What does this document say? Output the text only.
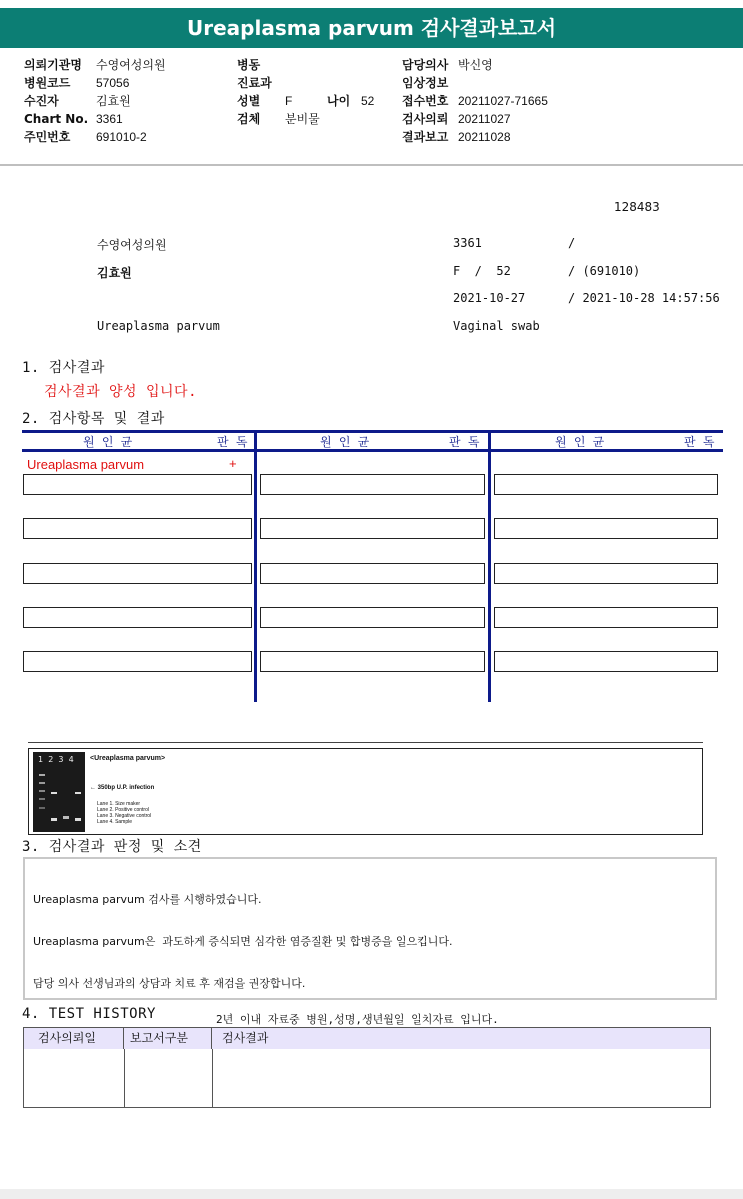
Ureaplasma parvum 검사결과보고서
의뢰기관명 수영여성의원
병원코드 57056
수진자	김효원
Chart No. 3361
주민번호 691010-2
병동
진료과
성별 F	나이 52
검체 분비물
담당의사 박신영
임상정보
접수번호 20211027-71665
검사의뢰 20211027
결과보고 20211028
128483
수영여성의원	3361	/
김효원	F  /  52	/ (691010)
2021-10-27	/ 2021-10-28 14:57:56
Ureaplasma parvum	Vaginal swab
1. 검사결과
검사결과 양성 입니다.
2. 검사항목 및 결과
원 인 균	판 독	원 인 균	판 독	원 인 균	판 독
Ureaplasma parvum	+
1 2 3 4 <Ureaplasma parvum>
← 350bp U.P. infection
Lane 1. Size maker
Lane 2. Positive control
Lane 3. Negative control
Lane 4. Sample
3. 검사결과 판정 및 소견

Ureaplasma parvum 검사를 시행하였습니다.

Ureaplasma parvum은  과도하게 증식되면 심각한 염증질환 및 합병증을 일으킵니다.

담당 의사 선생님과의 상담과 치료 후 재검을 권장합니다.

4. TEST HISTORY	2년 이내 자료중 병원,성명,생년월일 일치자료 입니다.
검사의뢰일	보고서구분	검사결과
